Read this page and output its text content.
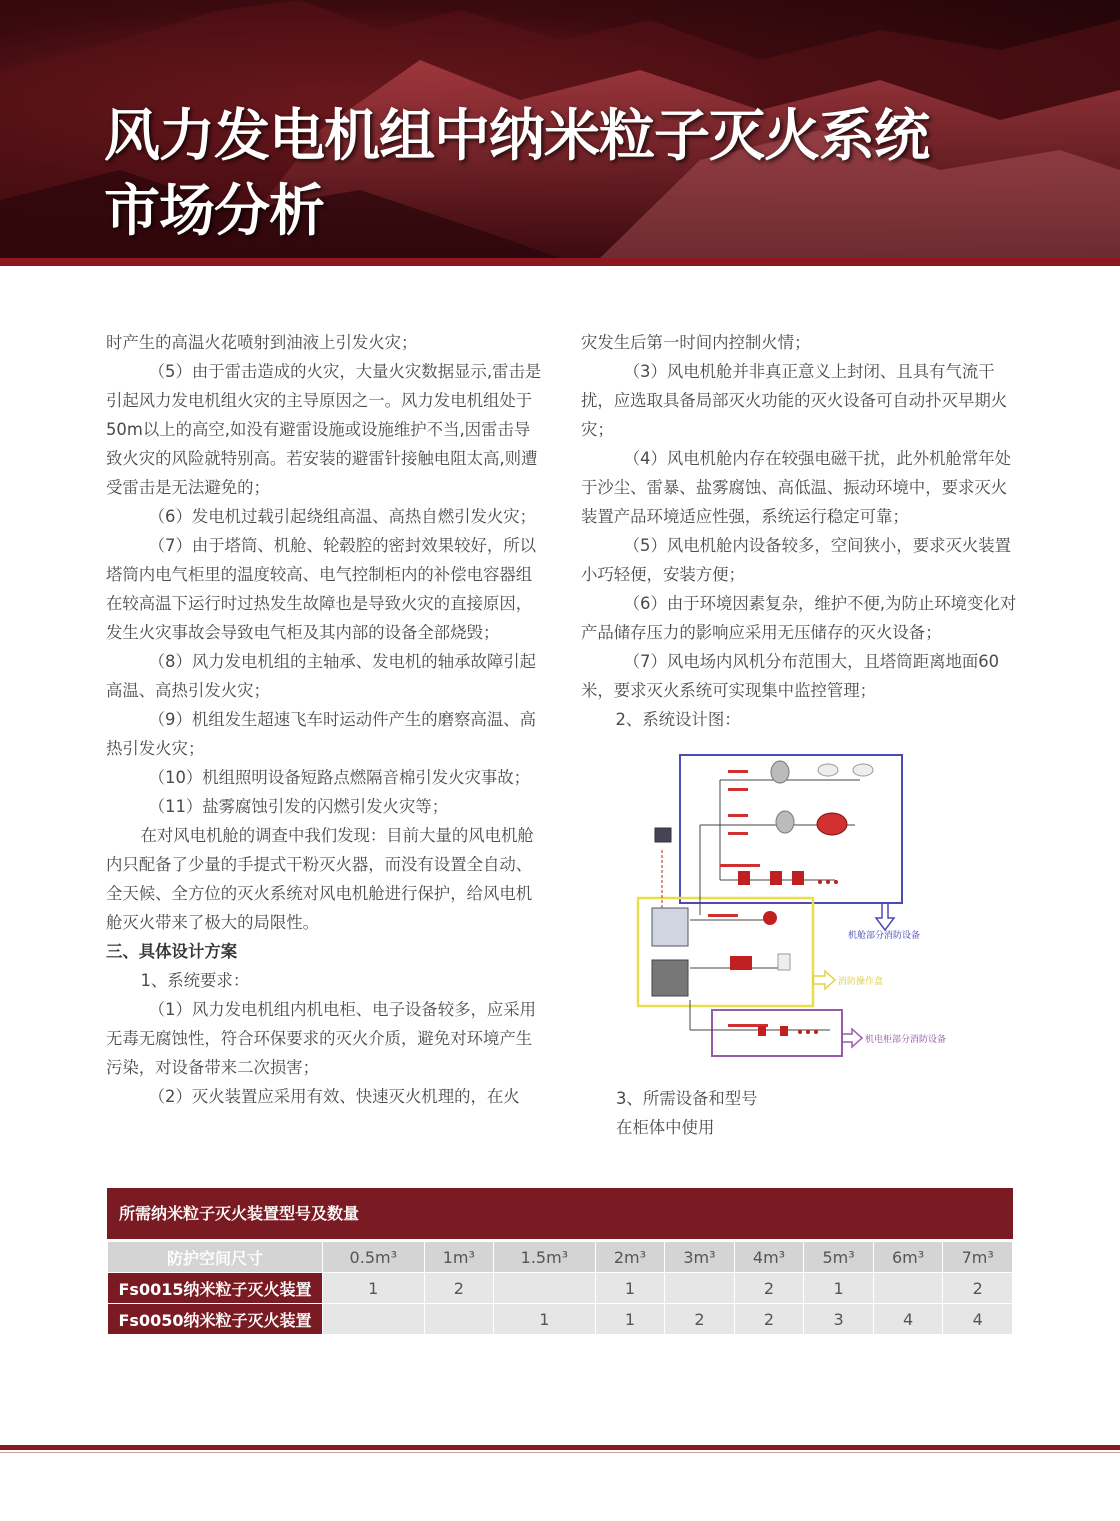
风力发电机组中纳米粒子灭火系统
市场分析

时产生的高温火花喷射到油液上引发火灾；

（5）由于雷击造成的火灾，大量火灾数据显示,雷击是引起风力发电机组火灾的主导原因之一。风力发电机组处于50m以上的高空,如没有避雷设施或设施维护不当,因雷击导致火灾的风险就特别高。若安装的避雷针接触电阻太高,则遭受雷击是无法避免的；

（6）发电机过载引起绕组高温、高热自燃引发火灾；

（7）由于塔筒、机舱、轮毂腔的密封效果较好，所以塔筒内电气柜里的温度较高、电气控制柜内的补偿电容器组在较高温下运行时过热发生故障也是导致火灾的直接原因，发生火灾事故会导致电气柜及其内部的设备全部烧毁；

（8）风力发电机组的主轴承、发电机的轴承故障引起高温、高热引发火灾；

（9）机组发生超速飞车时运动件产生的磨察高温、高热引发火灾；

（10）机组照明设备短路点燃隔音棉引发火灾事故；

（11）盐雾腐蚀引发的闪燃引发火灾等；

在对风电机舱的调查中我们发现：目前大量的风电机舱内只配备了少量的手提式干粉灭火器，而没有设置全自动、全天候、全方位的灭火系统对风电机舱进行保护，给风电机舱灭火带来了极大的局限性。

三、具体设计方案

1、系统要求：

（1）风力发电机组内机电柜、电子设备较多，应采用无毒无腐蚀性，符合环保要求的灭火介质，避免对环境产生污染，对设备带来二次损害；

（2）灭火装置应采用有效、快速灭火机理的，在火

灾发生后第一时间内控制火情；

（3）风电机舱并非真正意义上封闭、且具有气流干扰，应选取具备局部灭火功能的灭火设备可自动扑灭早期火灾；

（4）风电机舱内存在较强电磁干扰，此外机舱常年处于沙尘、雷暴、盐雾腐蚀、高低温、振动环境中，要求灭火装置产品环境适应性强，系统运行稳定可靠；

（5）风电机舱内设备较多，空间狭小，要求灭火装置小巧轻便，安装方便；

（6）由于环境因素复杂，维护不便,为防止环境变化对产品储存压力的影响应采用无压储存的灭火设备；

（7）风电场内风机分布范围大，且塔筒距离地面60米，要求灭火系统可实现集中监控管理；

2、系统设计图：

机舱部分消防设备
消防操作盒
机电柜部分消防设备
3、所需设备和型号
在柜体中使用
所需纳米粒子灭火装置型号及数量
防护空间尺寸	0.5m³	1m³	1.5m³	2m³	3m³	4m³	5m³	6m³	7m³
Fs0015纳米粒子灭火装置	1	2		1		2	1		2
Fs0050纳米粒子灭火装置			1	1	2	2	3	4	4
